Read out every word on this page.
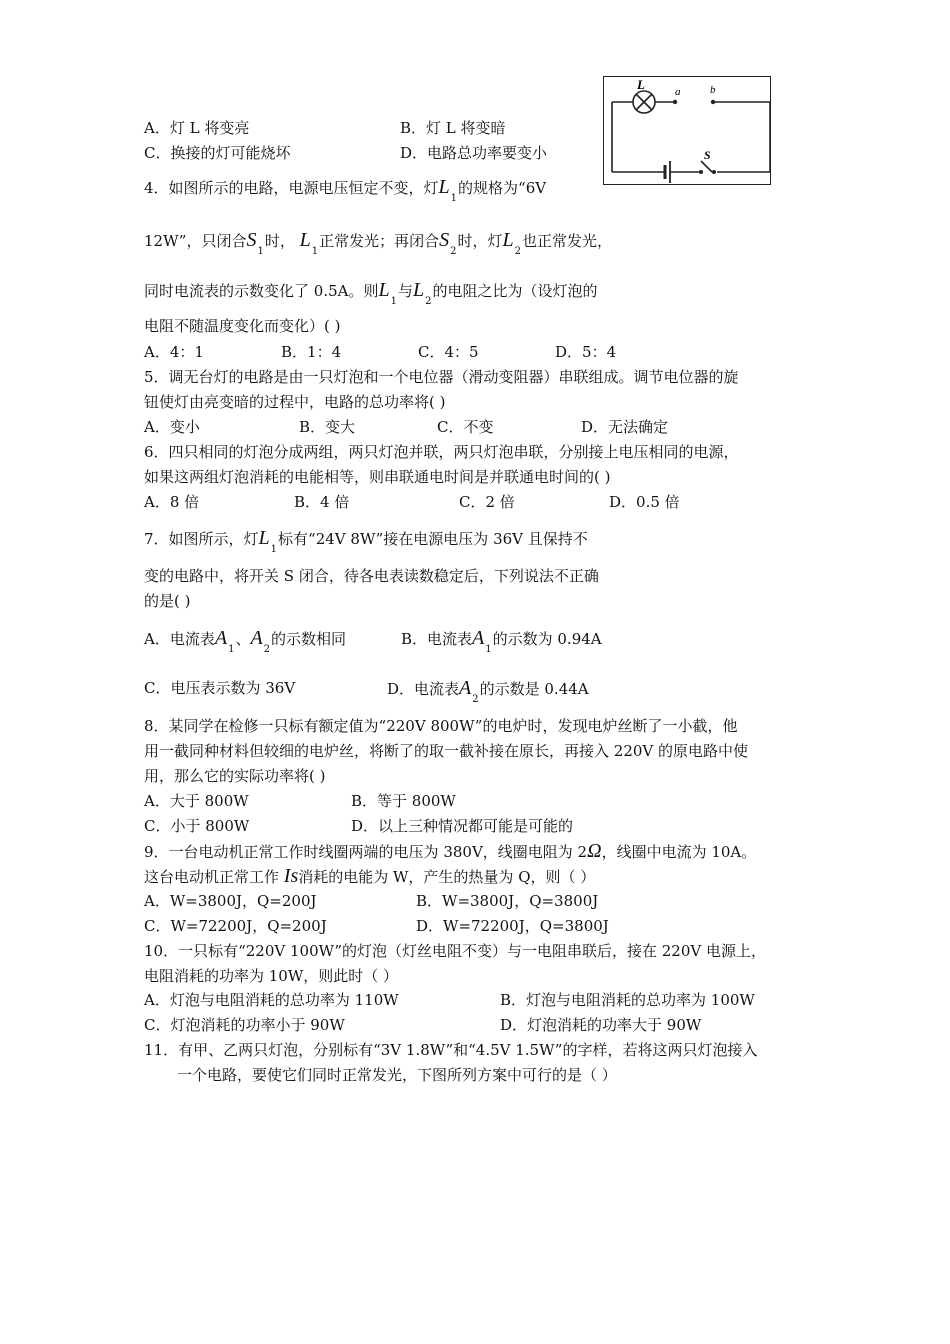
L	a	b
S
A．灯 L 将变亮	B．灯 L 将变暗
C．换接的灯可能烧坏	D．电路总功率要变小
4．如图所示的电路，电源电压恒定不变，灯$L_1$的规格为“6V
12W”，只闭合$S_1$时， $L_1$正常发光；再闭合$S_2$时，灯$L_2$也正常发光，
同时电流表的示数变化了 0.5A。则$L_1$与$L_2$的电阻之比为（设灯泡的
电阻不随温度变化而变化）( )
A．4：1	B．1：4	C．4：5	D．5：4
5．调无台灯的电路是由一只灯泡和一个电位器（滑动变阻器）串联组成。调节电位器的旋
钮使灯由亮变暗的过程中，电路的总功率将( )
A．变小	B．变大	C．不变	D．无法确定
6．四只相同的灯泡分成两组，两只灯泡并联，两只灯泡串联，分别接上电压相同的电源，
如果这两组灯泡消耗的电能相等，则串联通电时间是并联通电时间的( )
A．8 倍	B．4 倍	C．2 倍	D．0.5 倍
7．如图所示，灯$L_1$标有“24V 8W”接在电源电压为 36V 且保持不
变的电路中，将开关 S 闭合，待各电表读数稳定后，下列说法不正确
的是( )
A．电流表$A_1$、$A_2$的示数相同	B．电流表$A_1$的示数为 0.94A
C．电压表示数为 36V	D．电流表$A_2$的示数是 0.44A
8．某同学在检修一只标有额定值为“220V 800W”的电炉时，发现电炉丝断了一小截，他
用一截同种材料但较细的电炉丝，将断了的取一截补接在原长，再接入 220V 的原电路中使
用，那么它的实际功率将( )
A．大于 800W	B．等于 800W
C．小于 800W	D．以上三种情况都可能是可能的
9．一台电动机正常工作时线圈两端的电压为 380V，线圈电阻为 2Ω，线圈中电流为 10A。
这台电动机正常工作 Is消耗的电能为 W，产生的热量为 Q，则（ ）
A．W=3800J，Q=200J	B．W=3800J，Q=3800J
C．W=72200J，Q=200J	D．W=72200J，Q=3800J
10．一只标有“220V 100W”的灯泡（灯丝电阻不变）与一电阻串联后，接在 220V 电源上，
电阻消耗的功率为 10W，则此时（ ）
A．灯泡与电阻消耗的总功率为 110W	B．灯泡与电阻消耗的总功率为 100W
C．灯泡消耗的功率小于 90W	D．灯泡消耗的功率大于 90W
11．有甲、乙两只灯泡，分别标有“3V 1.8W”和“4.5V 1.5W”的字样，若将这两只灯泡接入
一个电路，要使它们同时正常发光，下图所列方案中可行的是（ ）
